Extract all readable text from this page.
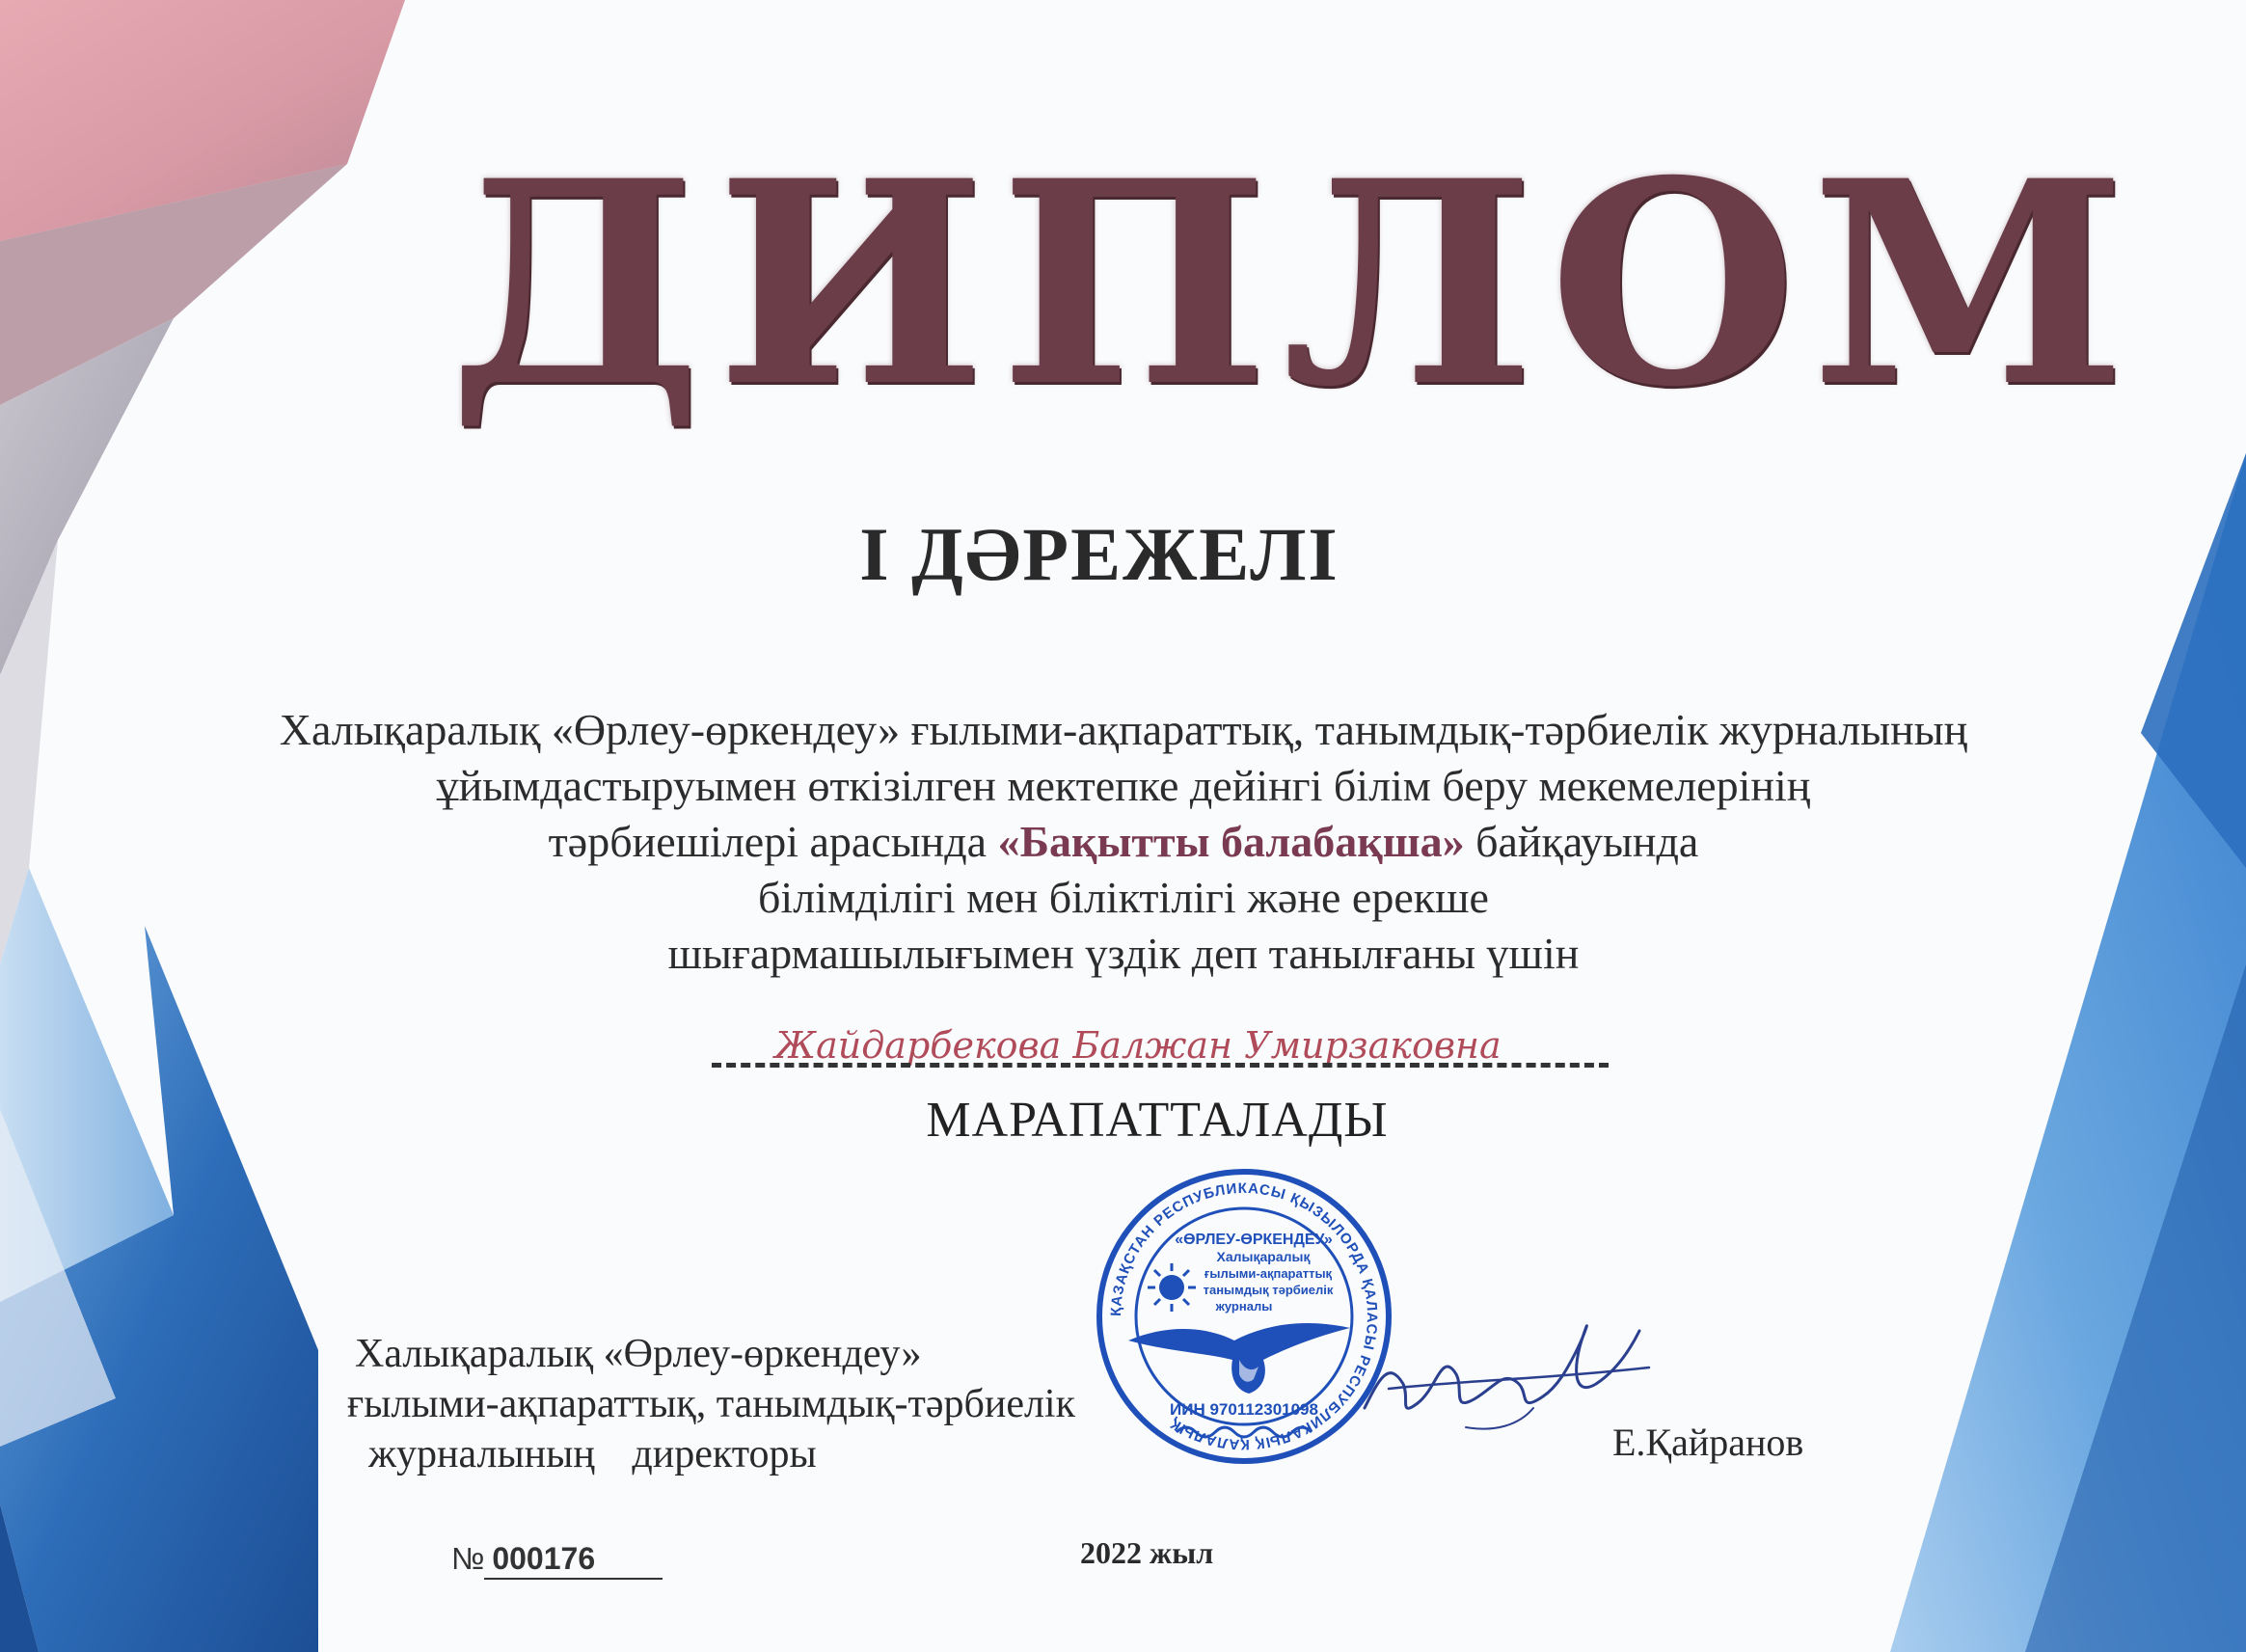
ДИПЛОМ
I ДӘРЕЖЕЛІ
Халықаралық «Өрлеу-өркендеу» ғылыми-ақпараттық, танымдық-тәрбиелік журналының
ұйымдастыруымен өткізілген мектепке дейінгі білім беру мекемелерінің
тәрбиешілері арасында «Бақытты балабақша» байқауында
білімділігі мен біліктілігі және ерекше
шығармашылығымен үздік деп танылғаны үшін
Жайдарбекова Балжан Умирзаковна
МАРАПАТТАЛАДЫ
ҚАЗАҚСТАН РЕСПУБЛИКАСЫ ҚЫЗЫЛОРДА ҚАЛАСЫ РЕСПУБЛИКАЛЫҚ ҚАЛАЛЫҚ
«ӨРЛЕУ-ӨРКЕНДЕУ»
Халықаралық
ғылыми-ақпараттық
танымдық тәрбиелік
журналы
ИИН 970112301098
Халықаралық «Өрлеу-өркендеу»
ғылыми-ақпараттық, танымдық-тәрбиелік
журналының директоры	Е.Қайранов
№ 000176	2022 жыл
